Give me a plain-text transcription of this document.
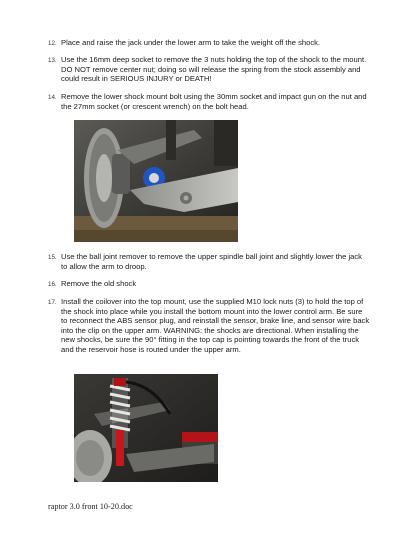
12. Place and raise the jack under the lower arm to take the weight off the shock.
13. Use the 16mm deep socket to remove the 3 nuts holding the top of the shock to the mount. DO NOT remove center nut; doing so will release the spring from the stock assembly and could result in SERIOUS INJURY or DEATH!
14. Remove the lower shock mount bolt using the 30mm socket and impact gun on the nut and the 27mm socket (or crescent wrench) on the bolt head.
15. Use the ball joint remover to remove the upper spindle ball joint and slightly lower the jack to allow the arm to droop.
16. Remove the old shock
17. Install the coilover into the top mount, use the supplied M10 lock nuts (3) to hold the top of the shock into place while you install the bottom mount into the lower control arm. Be sure to reconnect the ABS sensor plug, and reinstall the sensor, brake line, and sensor wire back into the clip on the upper arm. WARNING: the shocks are directional. When installing the new shocks, be sure the 90° fitting in the top cap is pointing towards the front of the truck and the reservoir hose is routed under the upper arm.
raptor 3.0 front 10-20.doc
